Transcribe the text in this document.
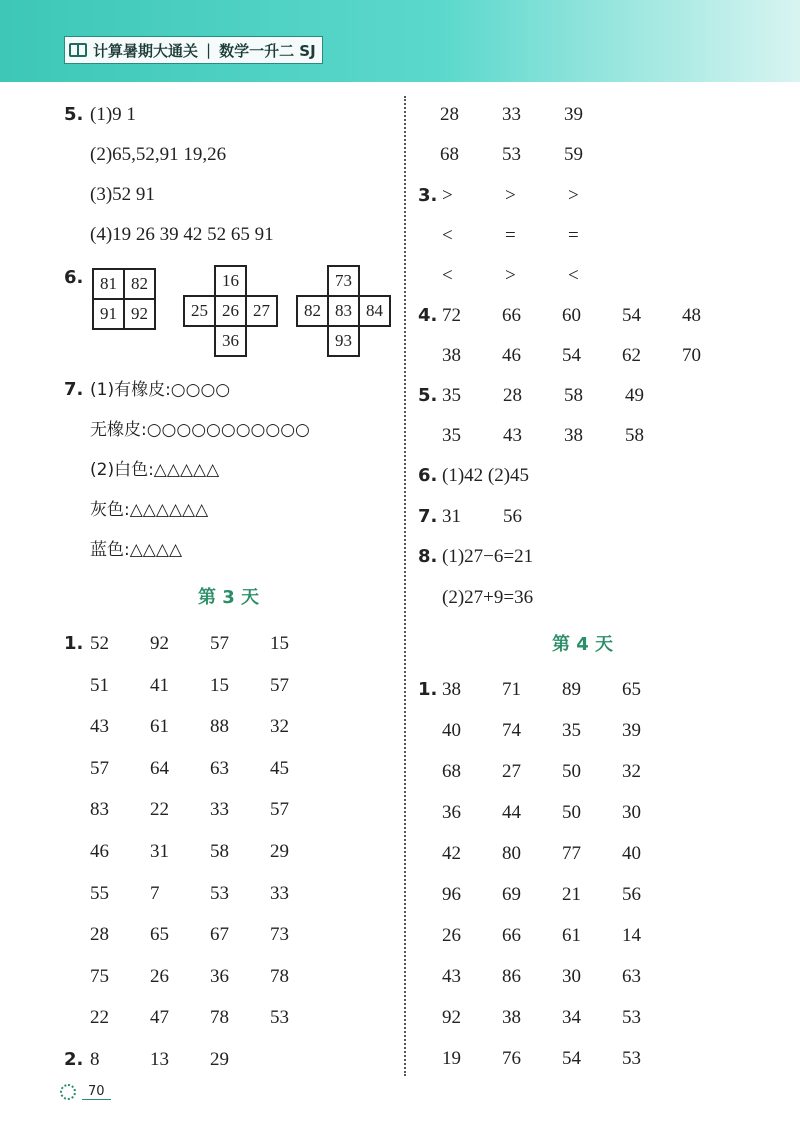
计算暑期大通关 | 数学一升二 SJ
5. (1)9 1
(2)65,52,91 19,26
(3)52 91
(4)19 26 39 42 52 65 91
6. 81	82
91	92
	16	
25	26	27
	36	
	73	
82	83	84
	93	
7. (1)有橡皮:○○○○
无橡皮:○○○○○○○○○○○
(2)白色:△△△△△
灰色:△△△△△△
蓝色:△△△△
第 3 天
1. 52 92 57 15
51 41 15 57
43 61 88 32
57 64 63 45
83 22 33 57
46 31 58 29
55 7	53 33
28 65 67 73
75 26 36 78
22 47 78 53
2. 8	13 29
28 33 39
68 53 59
3. >	>	>
<	=	=
<	>	<
4. 72 66 60 54 48
38 46 54 62 70
5. 35 28 58 49
35 43 38 58
6. (1)42 (2)45
7. 31 56
8. (1)27−6=21
(2)27+9=36
第 4 天
1. 38 71 89 65
40 74 35 39
68 27 50 32
36 44 50 30
42 80 77 40
96 69 21 56
26 66 61 14
43 86 30 63
92 38 34 53
19 76 54 53
70
